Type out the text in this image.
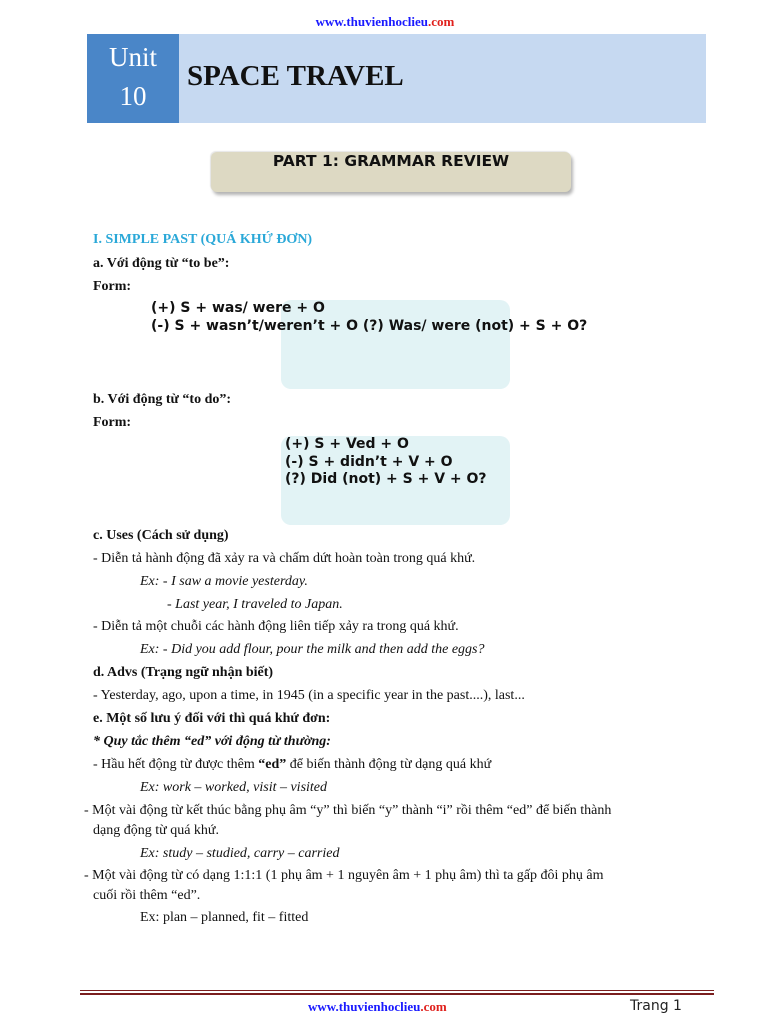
www.thuvienhoclieu.com
Unit
10
SPACE TRAVEL
PART 1: GRAMMAR REVIEW
I. SIMPLE PAST (QUÁ KHỨ ĐƠN)
a. Với động từ “to be”:
Form:
(+) S + was/ were + O
(-) S + wasn’t/weren’t + O (?) Was/ were (not) + S + O?
b. Với động từ “to do”:
Form:
(+) S + Ved + O
(-) S + didn’t + V + O
(?) Did (not) + S + V + O?
c. Uses (Cách sử dụng)
- Diễn tả hành động đã xảy ra và chấm dứt hoàn toàn trong quá khứ.
Ex: - I saw a movie yesterday.
- Last year, I traveled to Japan.
- Diễn tả một chuỗi các hành động liên tiếp xảy ra trong quá khứ.
Ex: - Did you add flour, pour the milk and then add the eggs?
d. Advs (Trạng ngữ nhận biết)
- Yesterday, ago, upon a time, in 1945 (in a specific year in the past....), last...
e. Một số lưu ý đối với thì quá khứ đơn:
* Quy tắc thêm “ed” với động từ thường:
- Hầu hết động từ được thêm “ed” để biến thành động từ dạng quá khứ
Ex: work – worked, visit – visited
- Một vài động từ kết thúc bằng phụ âm “y” thì biến “y” thành “i” rồi thêm “ed” để biến thành
dạng động từ quá khứ.
Ex: study – studied, carry – carried
- Một vài động từ có dạng 1:1:1 (1 phụ âm + 1 nguyên âm + 1 phụ âm) thì ta gấp đôi phụ âm
cuối rồi thêm “ed”.
Ex: plan – planned, fit – fitted
www.thuvienhoclieu.com	Trang 1
